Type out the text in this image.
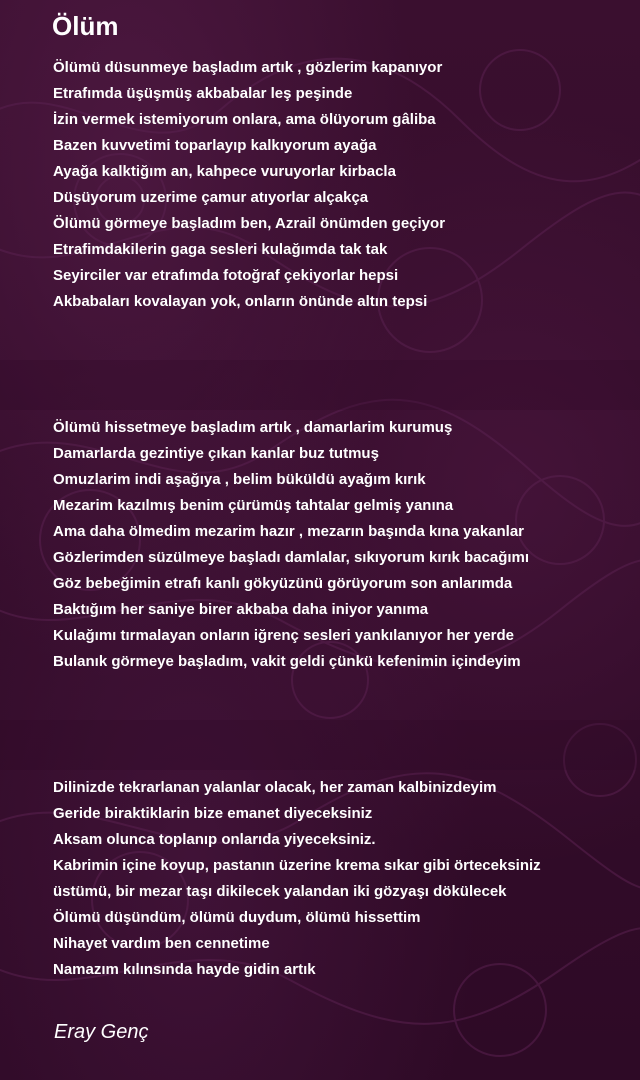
Ölüm
Ölümü düsunmeye başladım artık , gözlerim kapanıyor
Etrafımda üşüşmüş akbabalar leş peşinde
İzin vermek istemiyorum onlara, ama ölüyorum gâliba
Bazen kuvvetimi toparlayıp kalkıyorum ayağa
Ayağa kalktiğım an, kahpece vuruyorlar kirbacla
Düşüyorum uzerime çamur atıyorlar alçakça
Ölümü görmeye başladım ben, Azrail önümden geçiyor
Etrafimdakilerin gaga sesleri kulağımda tak tak
Seyirciler var etrafımda fotoğraf çekiyorlar hepsi
Akbabaları kovalayan yok, onların önünde altın tepsi
Ölümü hissetmeye başladım artık , damarlarim kurumuş
Damarlarda gezintiye çıkan kanlar buz tutmuş
Omuzlarim indi aşağıya , belim büküldü ayağım kırık
Mezarim kazılmış benim çürümüş tahtalar gelmiş yanına
Ama daha ölmedim mezarim hazır , mezarın başında kına yakanlar
Gözlerimden süzülmeye başladı damlalar, sıkıyorum kırık bacağımı
Göz bebeğimin etrafı kanlı gökyüzünü görüyorum son anlarımda
Baktığım her saniye birer akbaba daha iniyor yanıma
Kulağımı tırmalayan onların iğrenç sesleri yankılanıyor her yerde
Bulanık görmeye başladım, vakit geldi çünkü kefenimin içindeyim
Dilinizde tekrarlanan yalanlar olacak, her zaman kalbinizdeyim
Geride biraktiklarin bize emanet diyeceksiniz
Aksam olunca toplanıp onlarıda yiyeceksiniz.
Kabrimin içine koyup, pastanın üzerine krema sıkar gibi örteceksiniz
üstümü, bir mezar taşı dikilecek yalandan iki gözyaşı dökülecek
Ölümü düşündüm, ölümü duydum, ölümü hissettim
Nihayet vardım ben cennetime
Namazım kılınsında hayde gidin artık

Eray Genç
